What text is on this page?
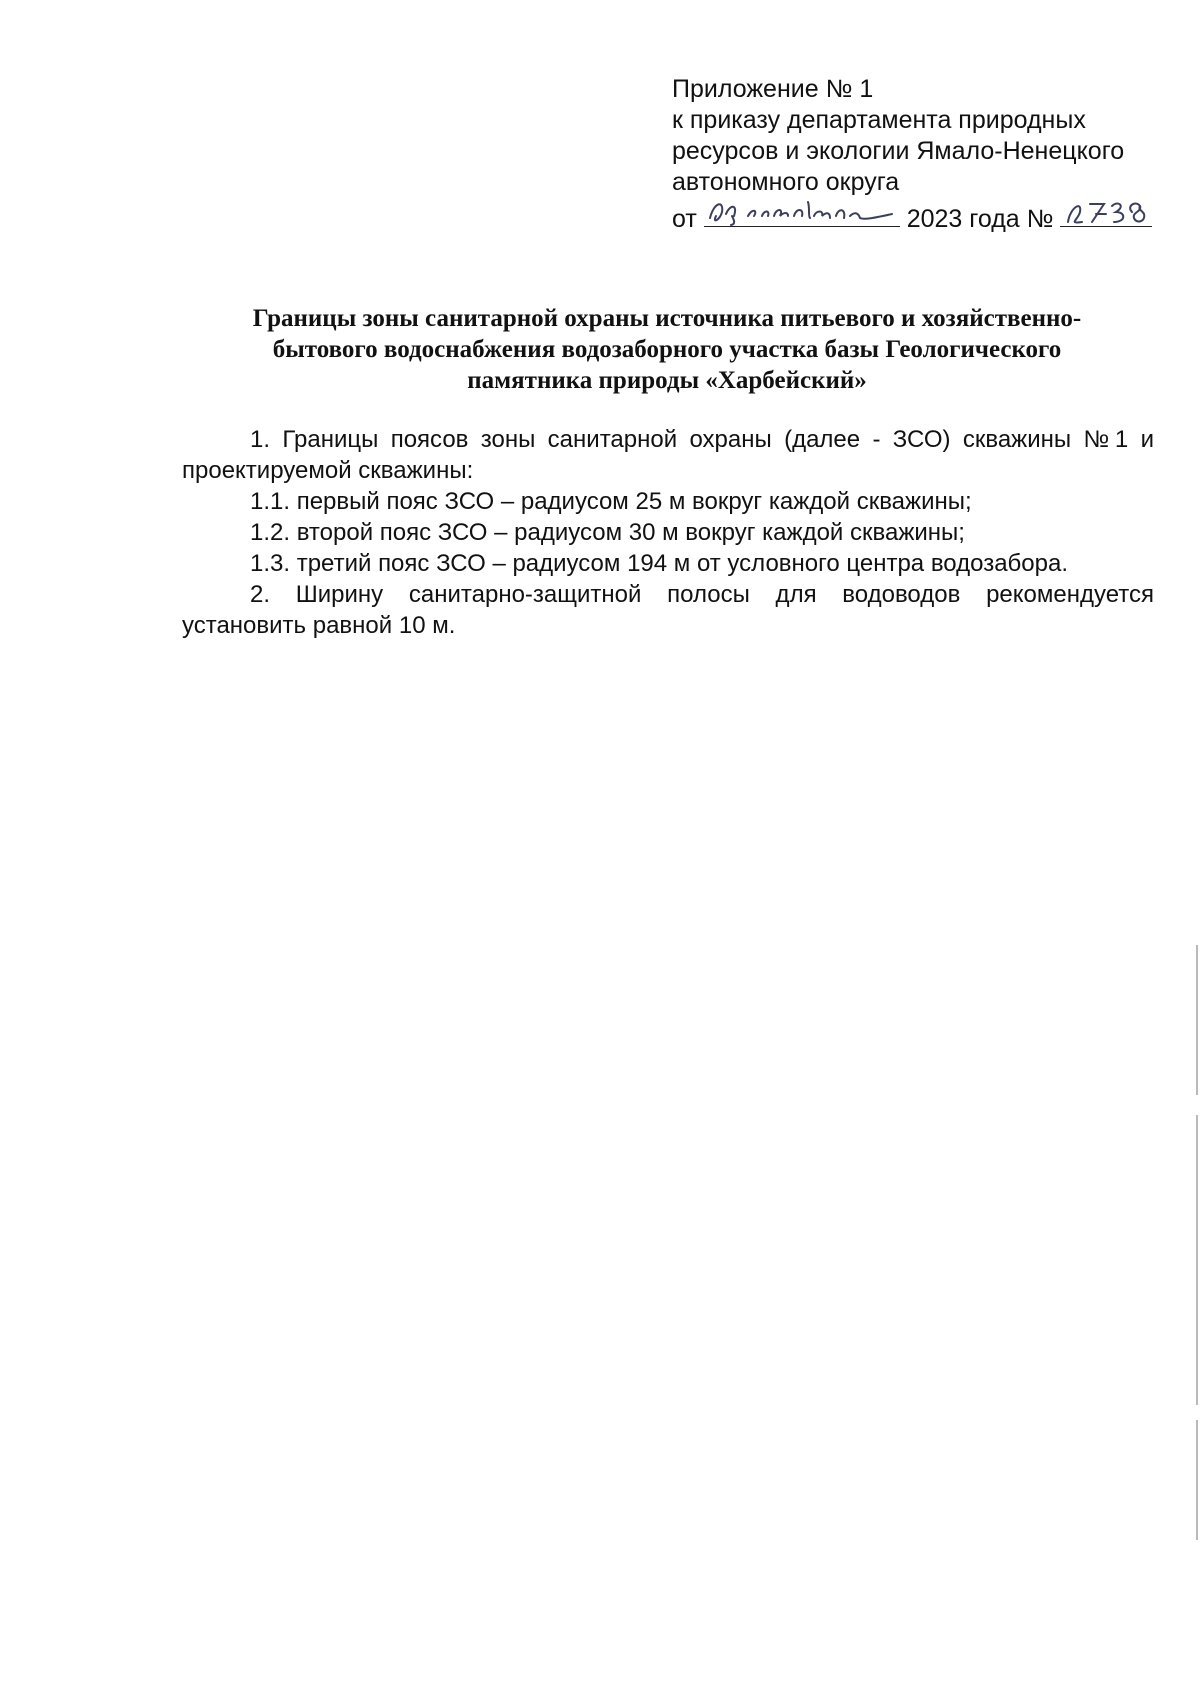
Приложение № 1
к приказу департамента природных
ресурсов и экологии Ямало-Ненецкого
автономного округа
от	2023 года №
Границы зоны санитарной охраны источника питьевого и хозяйственно-
бытового водоснабжения водозаборного участка базы Геологического
памятника природы «Харбейский»

1. Границы поясов зоны санитарной охраны (далее - ЗСО) скважины №1 и проектируемой скважины:

1.1. первый пояс ЗСО – радиусом 25 м вокруг каждой скважины;

1.2. второй пояс ЗСО – радиусом 30 м вокруг каждой скважины;

1.3. третий пояс ЗСО – радиусом 194 м от условного центра водозабора.

2. Ширину санитарно-защитной полосы для водоводов рекомендуется установить равной 10 м.
